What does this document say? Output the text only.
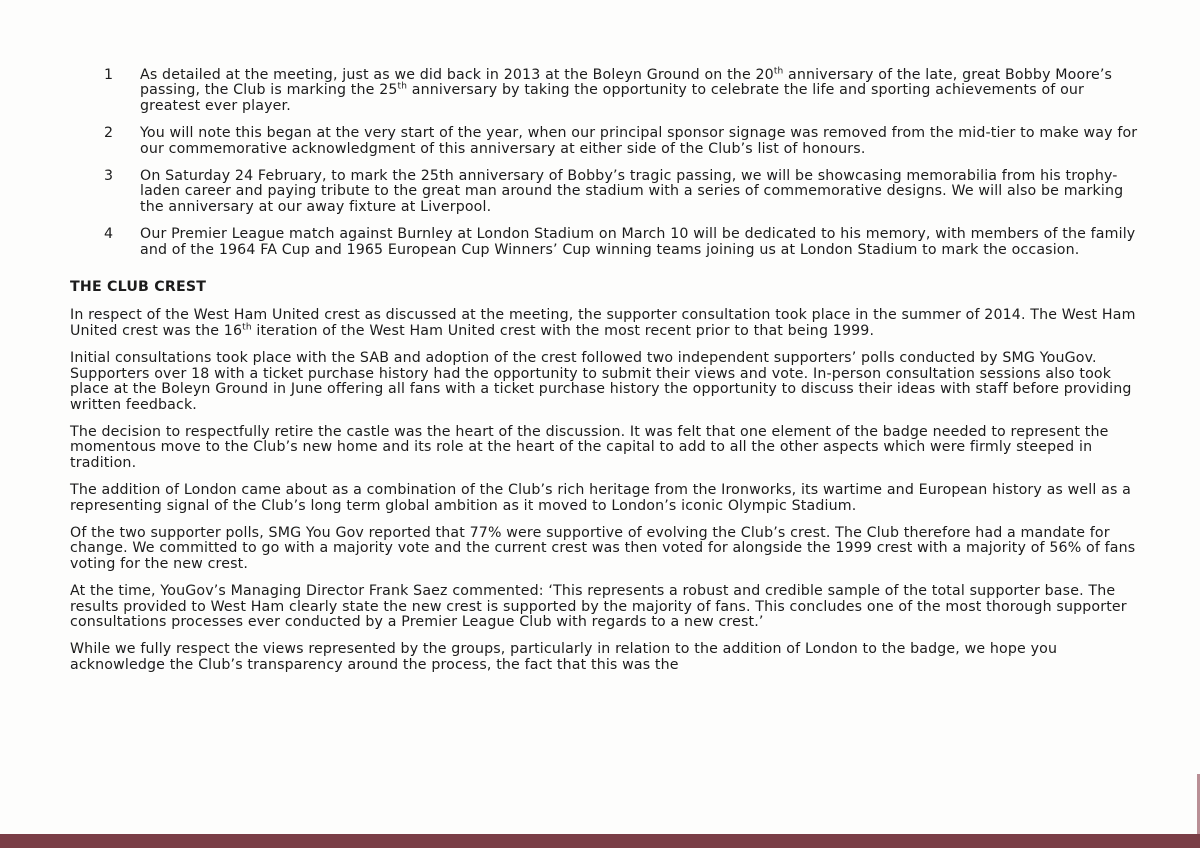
1 As detailed at the meeting, just as we did back in 2013 at the Boleyn Ground on the 20th anniversary of the late, great Bobby Moore’s passing, the Club is marking the 25th anniversary by taking the opportunity to celebrate the life and sporting achievements of our greatest ever player.
2 You will note this began at the very start of the year, when our principal sponsor signage was removed from the mid-tier to make way for our commemorative acknowledgment of this anniversary at either side of the Club’s list of honours.
3 On Saturday 24 February, to mark the 25th anniversary of Bobby’s tragic passing, we will be showcasing memorabilia from his trophy-laden career and paying tribute to the great man around the stadium with a series of commemorative designs. We will also be marking the anniversary at our away fixture at Liverpool.
4 Our Premier League match against Burnley at London Stadium on March 10 will be dedicated to his memory, with members of the family and of the 1964 FA Cup and 1965 European Cup Winners’ Cup winning teams joining us at London Stadium to mark the occasion.
THE CLUB CREST

In respect of the West Ham United crest as discussed at the meeting, the supporter consultation took place in the summer of 2014. The West Ham United crest was the 16th iteration of the West Ham United crest with the most recent prior to that being 1999.

Initial consultations took place with the SAB and adoption of the crest followed two independent supporters’ polls conducted by SMG YouGov. Supporters over 18 with a ticket purchase history had the opportunity to submit their views and vote. In-person consultation sessions also took place at the Boleyn Ground in June offering all fans with a ticket purchase history the opportunity to discuss their ideas with staff before providing written feedback.

The decision to respectfully retire the castle was the heart of the discussion. It was felt that one element of the badge needed to represent the momentous move to the Club’s new home and its role at the heart of the capital to add to all the other aspects which were firmly steeped in tradition.

The addition of London came about as a combination of the Club’s rich heritage from the Ironworks, its wartime and European history as well as a representing signal of the Club’s long term global ambition as it moved to London’s iconic Olympic Stadium.

Of the two supporter polls, SMG You Gov reported that 77% were supportive of evolving the Club’s crest. The Club therefore had a mandate for change. We committed to go with a majority vote and the current crest was then voted for alongside the 1999 crest with a majority of 56% of fans voting for the new crest.

At the time, YouGov’s Managing Director Frank Saez commented: ‘This represents a robust and credible sample of the total supporter base. The results provided to West Ham clearly state the new crest is supported by the majority of fans. This concludes one of the most thorough supporter consultations processes ever conducted by a Premier League Club with regards to a new crest.’

While we fully respect the views represented by the groups, particularly in relation to the addition of London to the badge, we hope you acknowledge the Club’s transparency around the process, the fact that this was the
